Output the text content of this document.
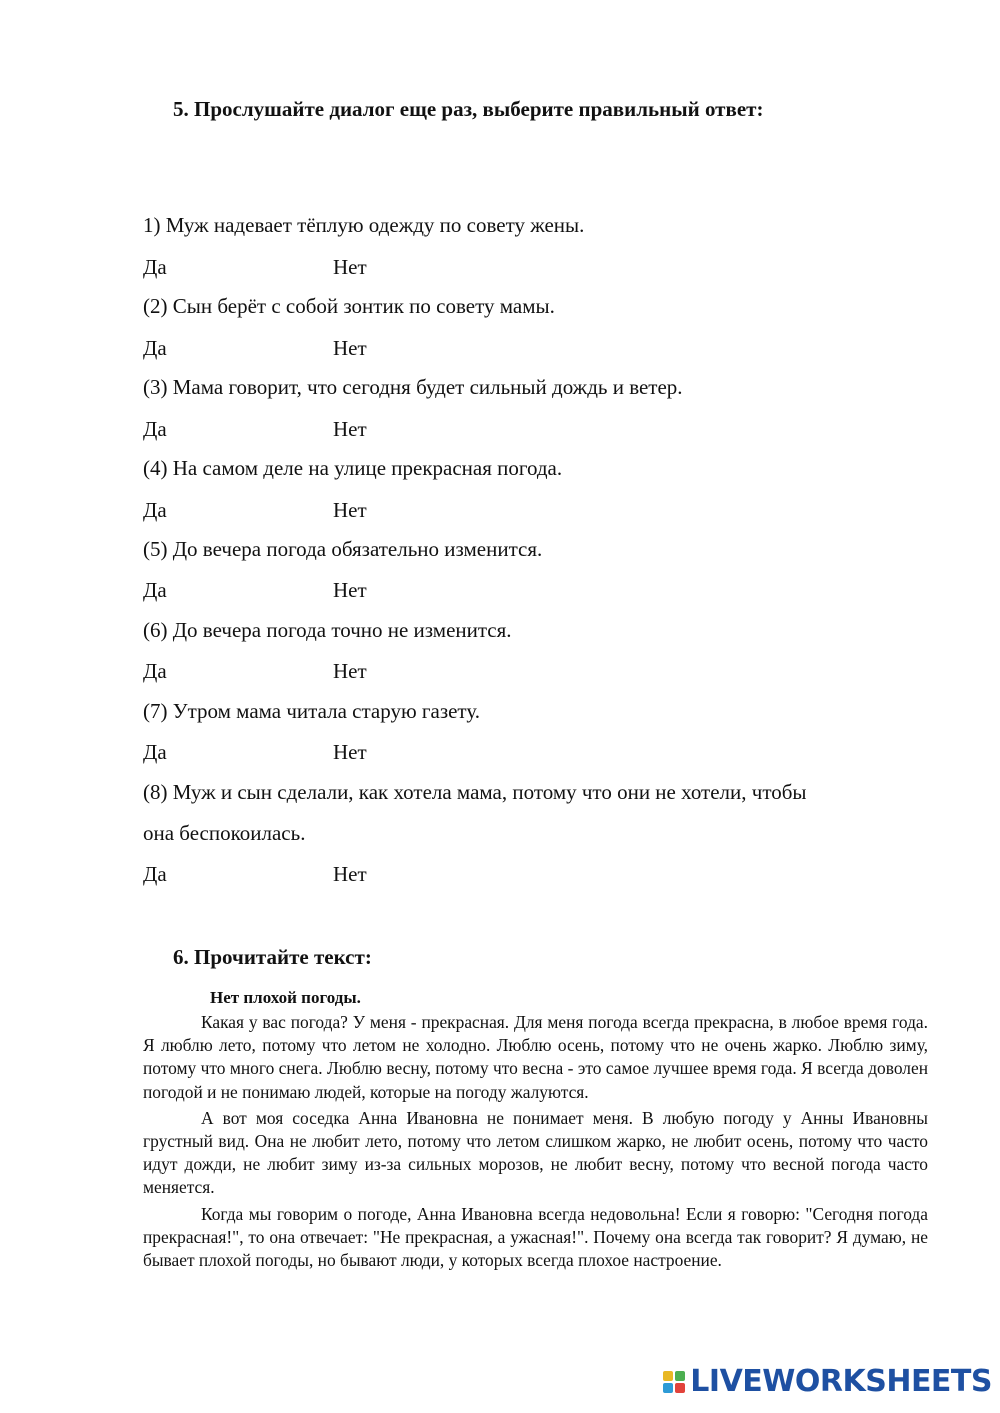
5. Прослушайте диалог еще раз, выберите правильный ответ:
1) Муж надевает тёплую одежду по совету жены.
Да	Нет
(2) Сын берёт с собой зонтик по совету мамы.
Да	Нет
(3) Мама говорит, что сегодня будет сильный дождь и ветер.
Да	Нет
(4) На самом деле на улице прекрасная погода.
Да	Нет
(5) До вечера погода обязательно изменится.
Да	Нет
(6) До вечера погода точно не изменится.
Да	Нет
(7) Утром мама читала старую газету.
Да	Нет
(8) Муж и сын сделали, как хотела мама, потому что они не хотели, чтобы
она беспокоилась.
Да	Нет
6. Прочитайте текст:
Нет плохой погоды.

Какая у вас погода? У меня - прекрасная. Для меня погода всегда прекрасна, в любое время года. Я люблю лето, потому что летом не холодно. Люблю осень, потому что не очень жарко. Люблю зиму, потому что много снега. Люблю весну, потому что весна - это самое лучшее время года. Я всегда доволен погодой и не понимаю людей, которые на погоду жалуются.

А вот моя соседка Анна Ивановна не понимает меня. В любую погоду у Анны Ивановны грустный вид. Она не любит лето, потому что летом слишком жарко, не любит осень, потому что часто идут дожди, не любит зиму из-за сильных морозов, не любит весну, потому что весной погода часто меняется.

Когда мы говорим о погоде, Анна Ивановна всегда недовольна! Если я говорю: "Сегодня погода прекрасная!", то она отвечает: "Не прекрасная, а ужасная!". Почему она всегда так говорит? Я думаю, не бывает плохой погоды, но бывают люди, у которых всегда плохое настроение.

LIVEWORKSHEETS
